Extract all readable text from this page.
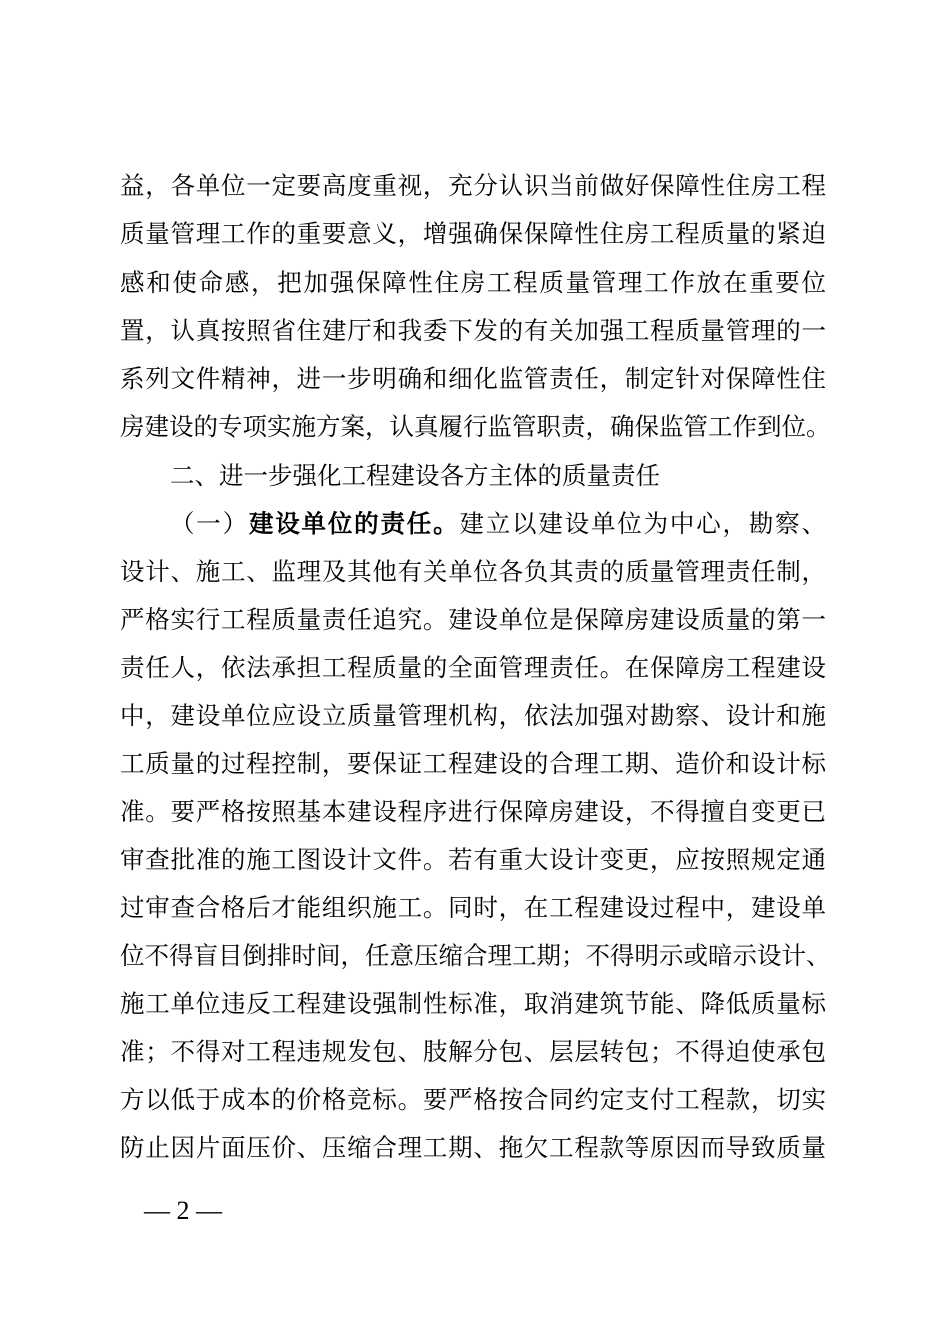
益，各单位一定要高度重视，充分认识当前做好保障性住房工程
质量管理工作的重要意义，增强确保保障性住房工程质量的紧迫
感和使命感，把加强保障性住房工程质量管理工作放在重要位
置，认真按照省住建厅和我委下发的有关加强工程质量管理的一
系列文件精神，进一步明确和细化监管责任，制定针对保障性住
房建设的专项实施方案，认真履行监管职责，确保监管工作到位。
二、进一步强化工程建设各方主体的质量责任
（一）建设单位的责任。建立以建设单位为中心，勘察、
设计、施工、监理及其他有关单位各负其责的质量管理责任制，
严格实行工程质量责任追究。建设单位是保障房建设质量的第一
责任人，依法承担工程质量的全面管理责任。在保障房工程建设
中，建设单位应设立质量管理机构，依法加强对勘察、设计和施
工质量的过程控制，要保证工程建设的合理工期、造价和设计标
准。要严格按照基本建设程序进行保障房建设，不得擅自变更已
审查批准的施工图设计文件。若有重大设计变更，应按照规定通
过审查合格后才能组织施工。同时，在工程建设过程中，建设单
位不得盲目倒排时间，任意压缩合理工期；不得明示或暗示设计、
施工单位违反工程建设强制性标准，取消建筑节能、降低质量标
准；不得对工程违规发包、肢解分包、层层转包；不得迫使承包
方以低于成本的价格竞标。要严格按合同约定支付工程款，切实
防止因片面压价、压缩合理工期、拖欠工程款等原因而导致质量
— 2 —
